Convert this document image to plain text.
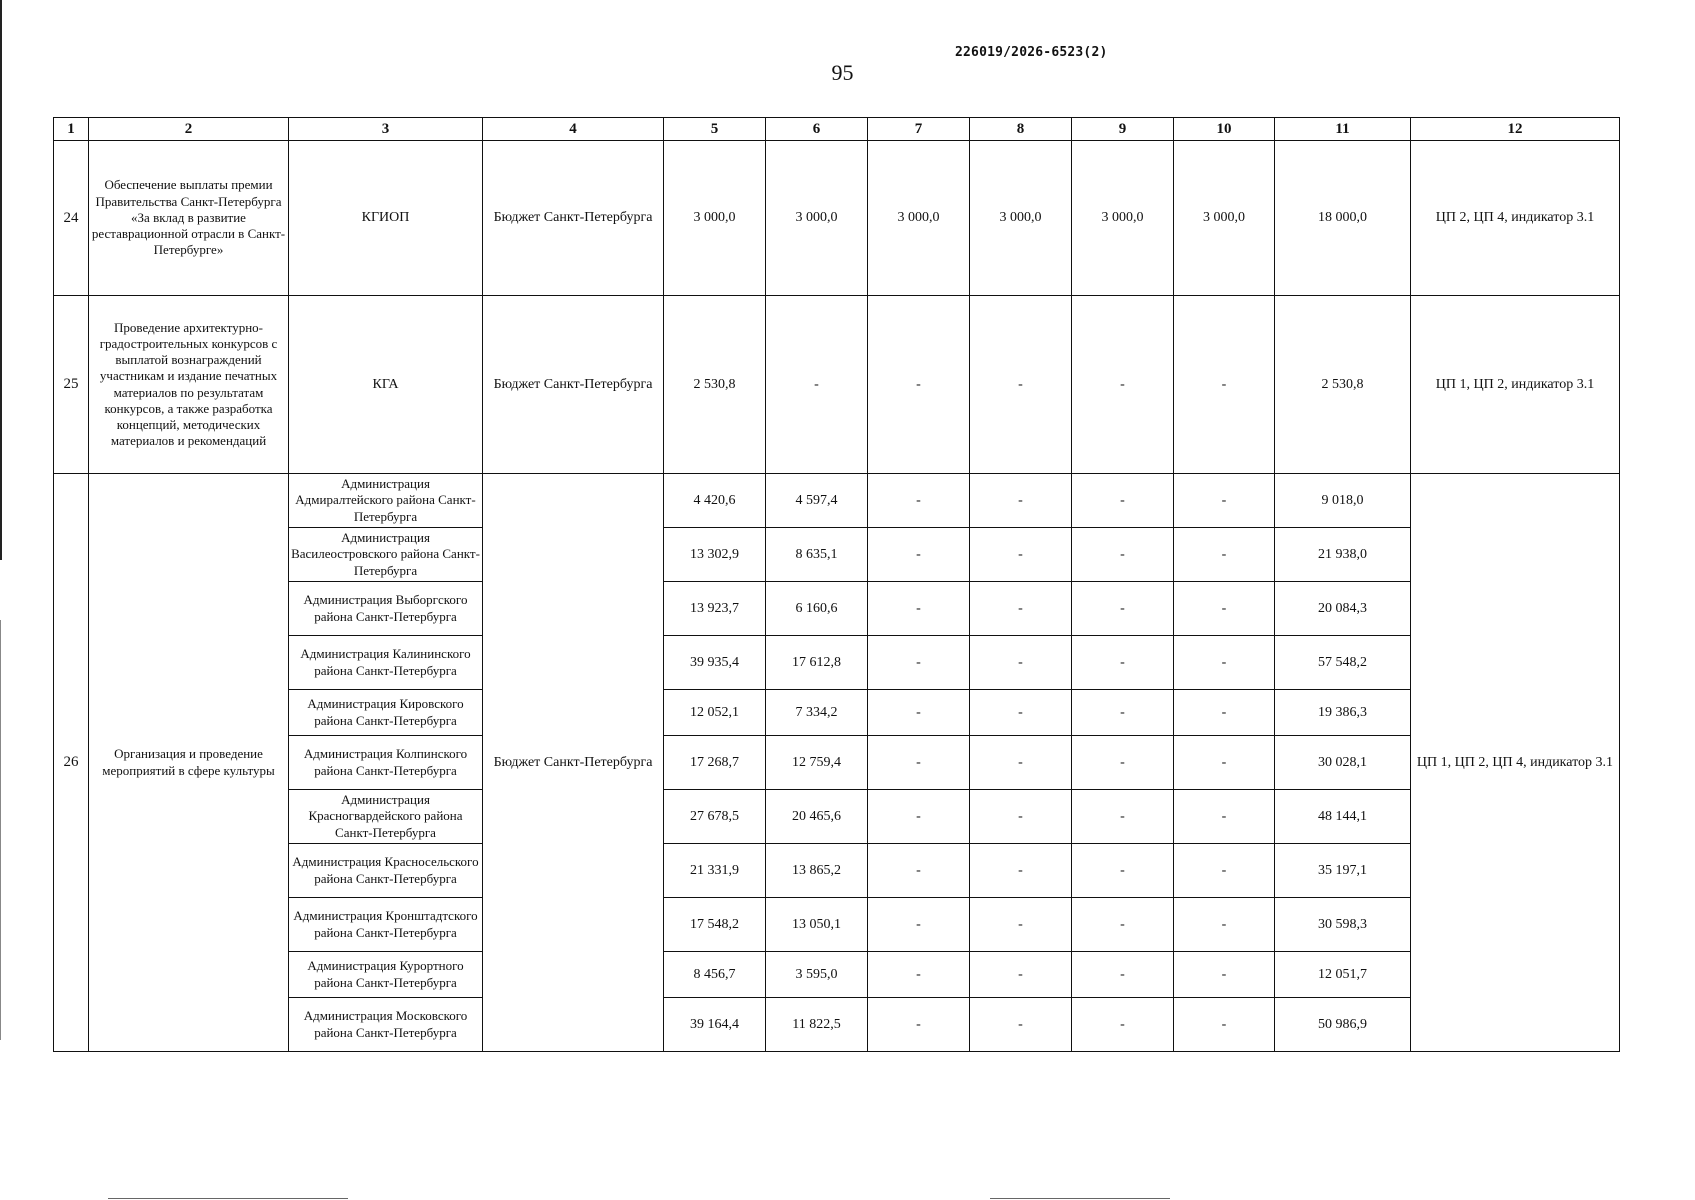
226019/2026-6523(2)
95
1	2	3	4	5	6	7	8	9	10	11	12
24	Обеспечение выплаты премии Правительства Санкт-Петербурга «За вклад в развитие реставрационной отрасли в Санкт-Петербурге»	КГИОП	Бюджет Санкт-Петербурга	3 000,0	3 000,0	3 000,0	3 000,0	3 000,0	3 000,0	18 000,0	ЦП 2, ЦП 4, индикатор 3.1
25	Проведение архитектурно-градостроительных конкурсов с выплатой вознаграждений участникам и издание печатных материалов по результатам конкурсов, а также разработка концепций, методических материалов и рекомендаций	КГА	Бюджет Санкт-Петербурга	2 530,8	-	-	-	-	-	2 530,8	ЦП 1, ЦП 2, индикатор 3.1
26	Организация и проведение мероприятий в сфере культуры	Администрация Адмиралтейского района Санкт-Петербурга	Бюджет Санкт-Петербурга	4 420,6	4 597,4	-	-	-	-	9 018,0	ЦП 1, ЦП 2, ЦП 4, индикатор 3.1
		Администрация Василеостровского района Санкт-Петербурга		13 302,9	8 635,1	-	-	-	-	21 938,0	
		Администрация Выборгского района Санкт-Петербурга		13 923,7	6 160,6	-	-	-	-	20 084,3	
		Администрация Калининского района Санкт-Петербурга		39 935,4	17 612,8	-	-	-	-	57 548,2	
		Администрация Кировского района Санкт-Петербурга		12 052,1	7 334,2	-	-	-	-	19 386,3	
		Администрация Колпинского района Санкт-Петербурга		17 268,7	12 759,4	-	-	-	-	30 028,1	
		Администрация Красногвардейского района Санкт-Петербурга		27 678,5	20 465,6	-	-	-	-	48 144,1	
		Администрация Красносельского района Санкт-Петербурга		21 331,9	13 865,2	-	-	-	-	35 197,1	
		Администрация Кронштадтского района Санкт-Петербурга		17 548,2	13 050,1	-	-	-	-	30 598,3	
		Администрация Курортного района Санкт-Петербурга		8 456,7	3 595,0	-	-	-	-	12 051,7	
		Администрация Московского района Санкт-Петербурга		39 164,4	11 822,5	-	-	-	-	50 986,9	
